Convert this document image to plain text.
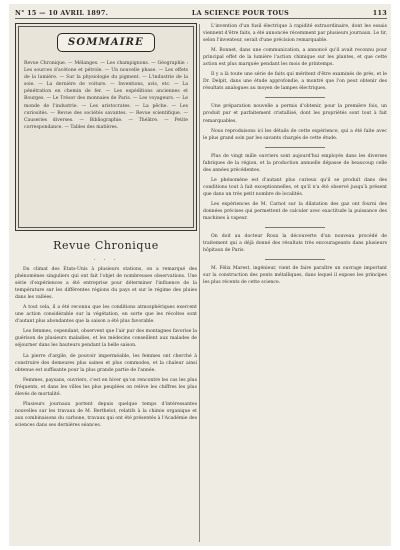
N° 15 — 10 AVRIL 1897.	LA SCIENCE POUR TOUS	113
SOMMAIRE
Revue Chronique. — Mélanges. — Les champignons. — Géographie : Les sources d'acétone et pétrole. — Un nouvelle phase. — Les effets de la lumière. — Sur la physiologie du pigment. — L'industrie de la soie. — La dernière de voiture. — Inventions, avis, etc. — La pénétration en chemin de fer. — Les expéditions anciennes et Bourges. — Le Trésor des monnaies de Paris. — Les voyageurs. — Le monde de l'industrie. — Les aristocrates. — La pêche. — Les curiosités. — Revue des sociétés savantes. — Revue scientifique. — Causeries diverses. — Bibliographie. — Théâtre. — Petite correspondance. — Tables des matières.
Revue Chronique
· · ·

Du climat des États-Unis à plusieurs stations, on a remarqué des phénomènes singuliers qui ont fait l'objet de nombreuses observations. Une série d'expériences a été entreprise pour déterminer l'influence de la température sur les différentes régions du pays et sur le régime des pluies dans les vallées.

A tout cela, il a été reconnu que les conditions atmosphériques exercent une action considérable sur la végétation, en sorte que les récoltes sont d'autant plus abondantes que la saison a été plus favorable.

Les femmes, cependant, observent que l'air pur des montagnes favorise la guérison de plusieurs maladies, et les médecins conseillent aux malades de séjourner dans les hauteurs pendant la belle saison.

La pierre d'argile, de pouvoir imperméable, les femmes ont cherché à construire des demeures plus saines et plus commodes, et la chaleur ainsi obtenue est suffisante pour la plus grande partie de l'année.

Femmes, paysans, ouvriers, c'est en hiver qu'on rencontre les cas les plus fréquents, et dans les villes les plus peuplées on relève les chiffres les plus élevés de mortalité.

Plusieurs journaux portent depuis quelque temps d'intéressantes nouvelles sur les travaux de M. Berthelot, relatifs à la chimie organique et aux combinaisons du carbone, travaux qui ont été présentés à l'Académie des sciences dans ses dernières séances.

L'invention d'un fusil électrique à rapidité extraordinaire, dont les essais viennent d'être faits, a été annoncée récemment par plusieurs journaux. Le tir, selon l'inventeur, serait d'une précision remarquable.

M. Bonnet, dans une communication, a annoncé qu'il avait reconnu pour principal effet de la lumière l'action chimique sur les plantes, et que cette action est plus marquée pendant les mois de printemps.

Il y a là toute une série de faits qui méritent d'être examinés de près, et le Dr. Delpit, dans une étude approfondie, a montré que l'on peut obtenir des résultats analogues au moyen de lampes électriques.

Une préparation nouvelle a permis d'obtenir, pour la première fois, un produit pur et parfaitement cristallisé, dont les propriétés sont tout à fait remarquables.

Nous reproduisons ici les détails de cette expérience, qui a été faite avec le plus grand soin par les savants chargés de cette étude.

Plus de vingt mille ouvriers sont aujourd'hui employés dans les diverses fabriques de la région, et la production annuelle dépasse de beaucoup celle des années précédentes.

Le phénomène est d'autant plus curieux qu'il se produit dans des conditions tout à fait exceptionnelles, et qu'il n'a été observé jusqu'à présent que dans un très petit nombre de localités.

Les expériences de M. Carnot sur la dilatation des gaz ont fourni des données précises qui permettent de calculer avec exactitude la puissance des machines à vapeur.

On doit au docteur Roux la découverte d'un nouveau procédé de traitement qui a déjà donné des résultats très encourageants dans plusieurs hôpitaux de Paris.

M. Félix Marest, ingénieur, vient de faire paraître un ouvrage important sur la construction des ponts métalliques, dans lequel il expose les principes les plus récents de cette science.
